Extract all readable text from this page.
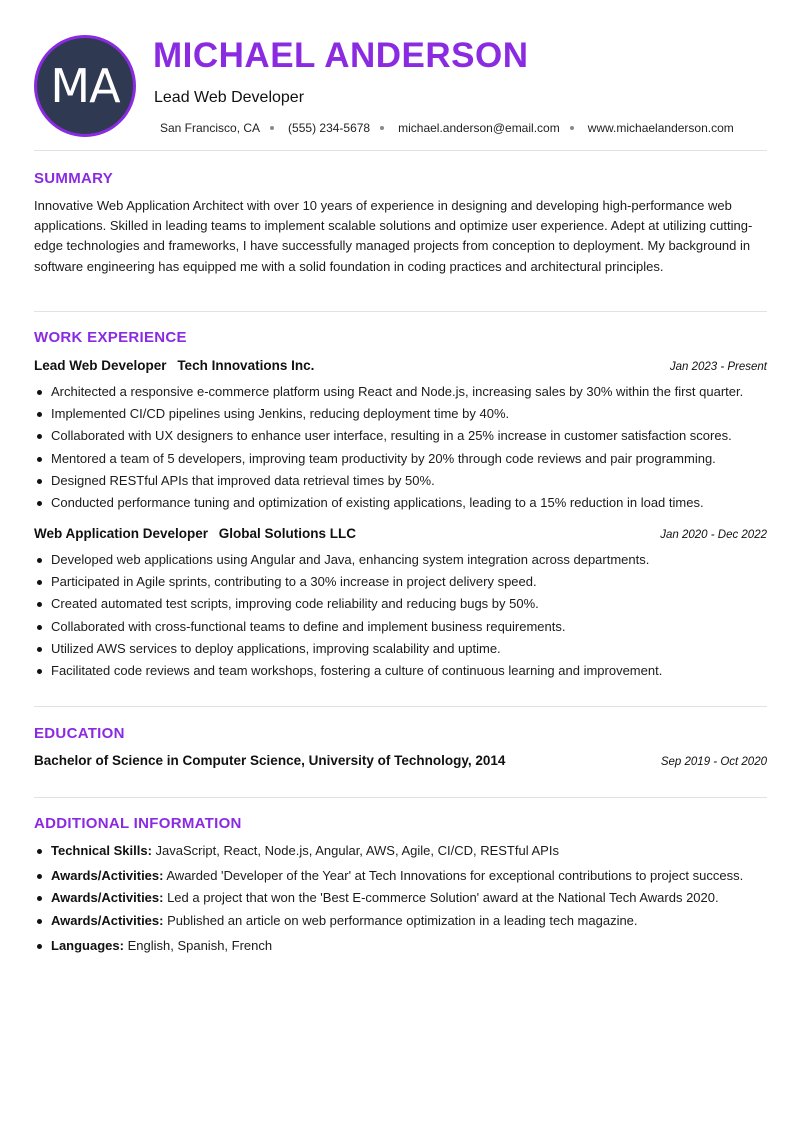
MA
MICHAEL ANDERSON
Lead Web Developer
San Francisco, CA (555) 234-5678 michael.anderson@email.com www.michaelanderson.com
SUMMARY
Innovative Web Application Architect with over 10 years of experience in designing and developing high-performance web applications. Skilled in leading teams to implement scalable solutions and optimize user experience. Adept at utilizing cutting-edge technologies and frameworks, I have successfully managed projects from conception to deployment. My background in software engineering has equipped me with a solid foundation in coding practices and architectural principles.
WORK EXPERIENCE
Lead Web Developer Tech Innovations Inc.	Jan 2023 - Present
Architected a responsive e-commerce platform using React and Node.js, increasing sales by 30% within the first quarter.
Implemented CI/CD pipelines using Jenkins, reducing deployment time by 40%.
Collaborated with UX designers to enhance user interface, resulting in a 25% increase in customer satisfaction scores.
Mentored a team of 5 developers, improving team productivity by 20% through code reviews and pair programming.
Designed RESTful APIs that improved data retrieval times by 50%.
Conducted performance tuning and optimization of existing applications, leading to a 15% reduction in load times.
Web Application Developer Global Solutions LLC	Jan 2020 - Dec 2022
Developed web applications using Angular and Java, enhancing system integration across departments.
Participated in Agile sprints, contributing to a 30% increase in project delivery speed.
Created automated test scripts, improving code reliability and reducing bugs by 50%.
Collaborated with cross-functional teams to define and implement business requirements.
Utilized AWS services to deploy applications, improving scalability and uptime.
Facilitated code reviews and team workshops, fostering a culture of continuous learning and improvement.
EDUCATION
Bachelor of Science in Computer Science, University of Technology, 2014	Sep 2019 - Oct 2020
ADDITIONAL INFORMATION
Technical Skills: JavaScript, React, Node.js, Angular, AWS, Agile, CI/CD, RESTful APIs
Awards/Activities: Awarded 'Developer of the Year' at Tech Innovations for exceptional contributions to project success.
Awards/Activities: Led a project that won the 'Best E-commerce Solution' award at the National Tech Awards 2020.
Awards/Activities: Published an article on web performance optimization in a leading tech magazine.
Languages: English, Spanish, French
